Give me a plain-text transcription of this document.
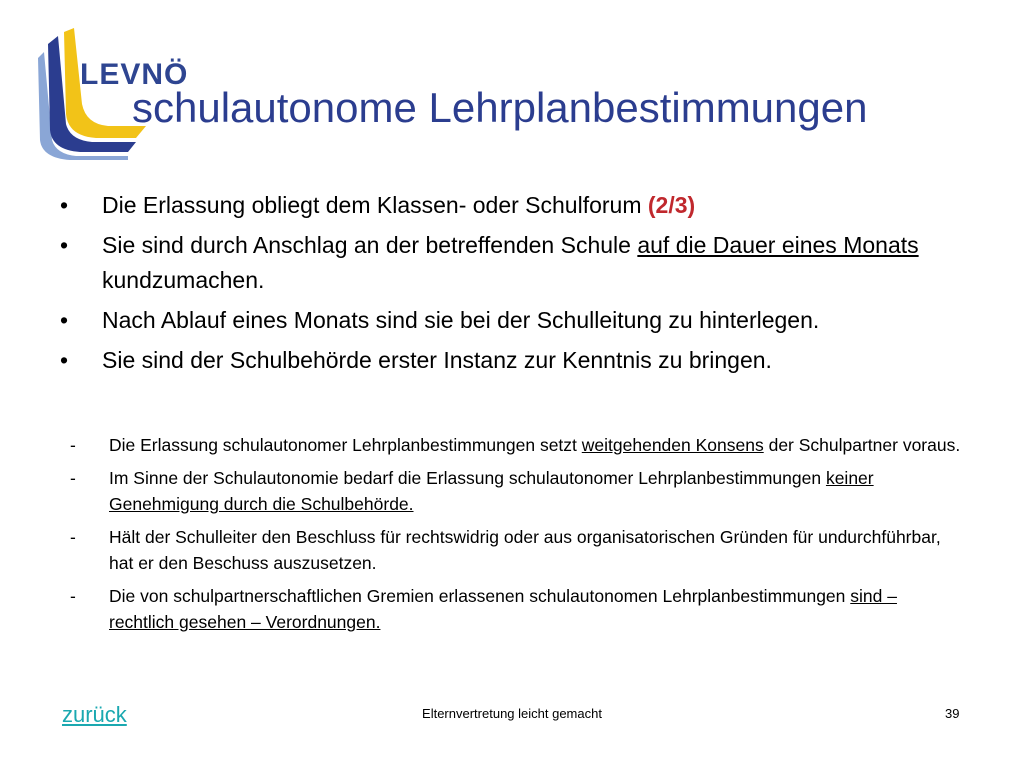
LEVNÖ
schulautonome Lehrplanbestimmungen
• Die Erlassung obliegt dem Klassen- oder Schulforum (2/3)
• Sie sind durch Anschlag an der betreffenden Schule auf die Dauer eines Monats kundzumachen.
• Nach Ablauf eines Monats sind sie bei der Schulleitung zu hinterlegen.
• Sie sind der Schulbehörde erster Instanz zur Kenntnis zu bringen.
- Die Erlassung schulautonomer Lehrplanbestimmungen setzt weitgehenden Konsens der Schulpartner voraus.
- Im Sinne der Schulautonomie bedarf die Erlassung schulautonomer Lehrplanbestimmungen keiner Genehmigung durch die Schulbehörde.
- Hält der Schulleiter den Beschluss für rechtswidrig oder aus organisatorischen Gründen für undurchführbar, hat er den Beschuss auszusetzen.
- Die von schulpartnerschaftlichen Gremien erlassenen schulautonomen Lehrplanbestimmungen sind – rechtlich gesehen – Verordnungen.
zurück	Elternvertretung leicht gemacht	39
